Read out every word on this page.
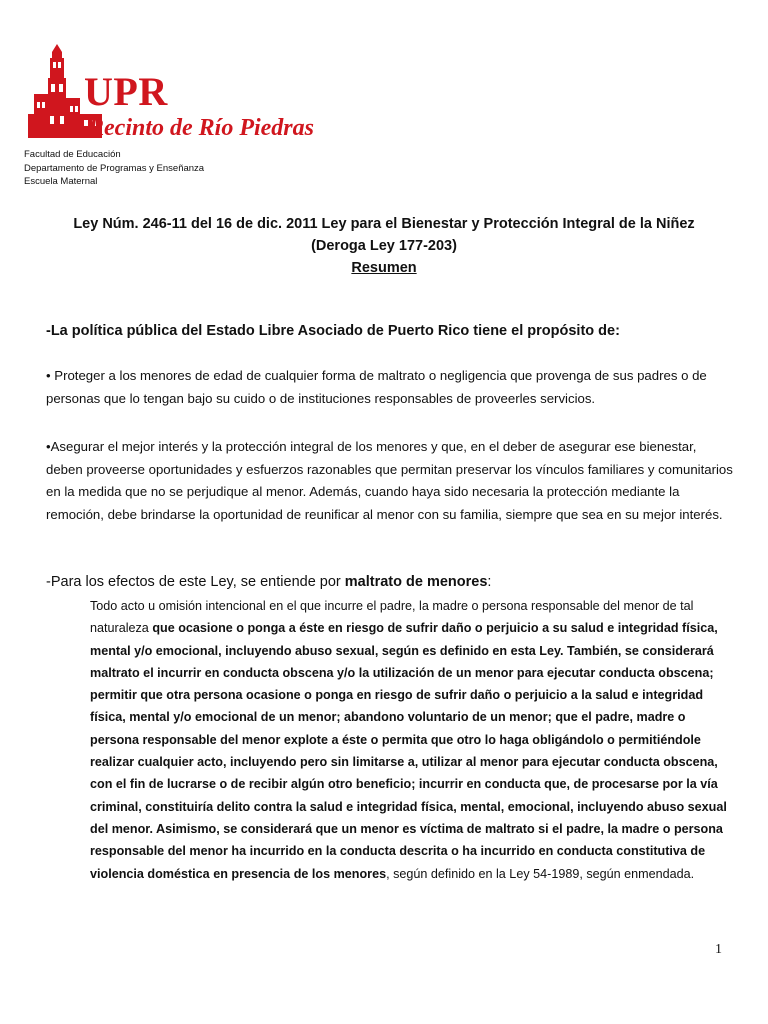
UPR
Recinto de Río Piedras
Facultad de Educación
Departamento de Programas y Enseñanza
Escuela Maternal
Ley Núm. 246-11 del 16 de dic. 2011 Ley para el Bienestar y Protección Integral de la Niñez
(Deroga Ley 177-203)
Resumen
-La política pública del Estado Libre Asociado de Puerto Rico tiene el propósito de:
• Proteger a los menores de edad de cualquier forma de maltrato o negligencia que provenga de sus padres o de personas que lo tengan bajo su cuido o de instituciones responsables de proveerles servicios.
•Asegurar el mejor interés y la protección integral de los menores y que, en el deber de asegurar ese bienestar, deben proveerse oportunidades y esfuerzos razonables que permitan preservar los vínculos familiares y comunitarios en la medida que no se perjudique al menor. Además, cuando haya sido necesaria la protección mediante la remoción, debe brindarse la oportunidad de reunificar al menor con su familia, siempre que sea en su mejor interés.
-Para los efectos de este Ley, se entiende por maltrato de menores:
Todo acto u omisión intencional en el que incurre el padre, la madre o persona responsable del menor de tal naturaleza que ocasione o ponga a éste en riesgo de sufrir daño o perjuicio a su salud e integridad física, mental y/o emocional, incluyendo abuso sexual, según es definido en esta Ley. También, se considerará maltrato el incurrir en conducta obscena y/o la utilización de un menor para ejecutar conducta obscena; permitir que otra persona ocasione o ponga en riesgo de sufrir daño o perjuicio a la salud e integridad física, mental y/o emocional de un menor; abandono voluntario de un menor; que el padre, madre o persona responsable del menor explote a éste o permita que otro lo haga obligándolo o permitiéndole realizar cualquier acto, incluyendo pero sin limitarse a, utilizar al menor para ejecutar conducta obscena, con el fin de lucrarse o de recibir algún otro beneficio; incurrir en conducta que, de procesarse por la vía criminal, constituiría delito contra la salud e integridad física, mental, emocional, incluyendo abuso sexual del menor. Asimismo, se considerará que un menor es víctima de maltrato si el padre, la madre o persona responsable del menor ha incurrido en la conducta descrita o ha incurrido en conducta constitutiva de violencia doméstica en presencia de los menores, según definido en la Ley 54-1989, según enmendada.
1
